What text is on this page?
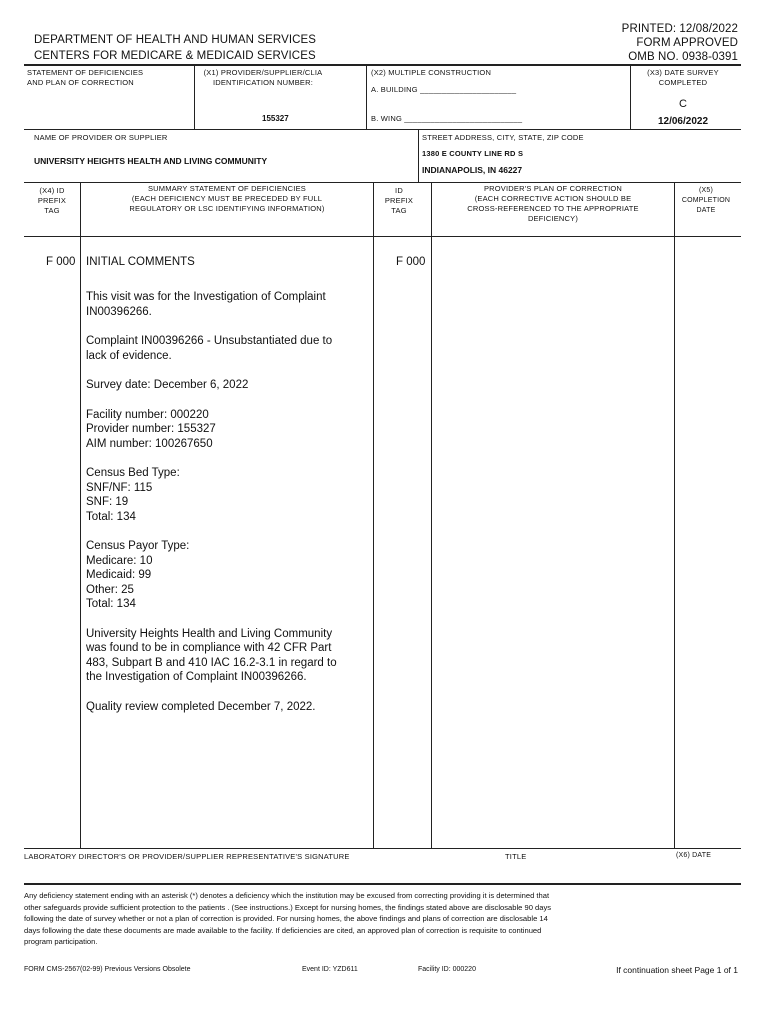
DEPARTMENT OF HEALTH AND HUMAN SERVICES
CENTERS FOR MEDICARE & MEDICAID SERVICES
PRINTED: 12/08/2022
FORM APPROVED
OMB NO. 0938-0391
STATEMENT OF DEFICIENCIES
AND PLAN OF CORRECTION
(X1) PROVIDER/SUPPLIER/CLIA
IDENTIFICATION NUMBER:
155327
(X2) MULTIPLE CONSTRUCTION
A. BUILDING ______________________
B. WING ___________________________
(X3) DATE SURVEY
COMPLETED
C
12/06/2022
NAME OF PROVIDER OR SUPPLIER
UNIVERSITY HEIGHTS HEALTH AND LIVING COMMUNITY
STREET ADDRESS, CITY, STATE, ZIP CODE
1380 E COUNTY LINE RD S
INDIANAPOLIS, IN 46227
(X4) ID
PREFIX
TAG
SUMMARY STATEMENT OF DEFICIENCIES
(EACH DEFICIENCY MUST BE PRECEDED BY FULL
REGULATORY OR LSC IDENTIFYING INFORMATION)
ID
PREFIX
TAG
PROVIDER'S PLAN OF CORRECTION
(EACH CORRECTIVE ACTION SHOULD BE
CROSS-REFERENCED TO THE APPROPRIATE
DEFICIENCY)
(X5)
COMPLETION
DATE
F 000	F 000
INITIAL COMMENTS

This visit was for the Investigation of Complaint
IN00396266.

Complaint IN00396266 - Unsubstantiated due to
lack of evidence.

Survey date: December 6, 2022

Facility number: 000220
Provider number: 155327
AIM number: 100267650

Census Bed Type:
SNF/NF: 115
SNF: 19
Total: 134

Census Payor Type:
Medicare: 10
Medicaid: 99
Other: 25
Total: 134

University Heights Health and Living Community
was found to be in compliance with 42 CFR Part
483, Subpart B and 410 IAC 16.2-3.1 in regard to
the Investigation of Complaint IN00396266.

Quality review completed December 7, 2022.

LABORATORY DIRECTOR'S OR PROVIDER/SUPPLIER REPRESENTATIVE'S SIGNATURE	TITLE	(X6) DATE
Any deficiency statement ending with an asterisk (*) denotes a deficiency which the institution may be excused from correcting providing it is determined that
other safeguards provide sufficient protection to the patients . (See instructions.) Except for nursing homes, the findings stated above are disclosable 90 days
following the date of survey whether or not a plan of correction is provided. For nursing homes, the above findings and plans of correction are disclosable 14
days following the date these documents are made available to the facility. If deficiencies are cited, an approved plan of correction is requisite to continued
program participation.
FORM CMS-2567(02-99) Previous Versions Obsolete	Event ID: YZD611	Facility ID: 000220	If continuation sheet Page 1 of 1
